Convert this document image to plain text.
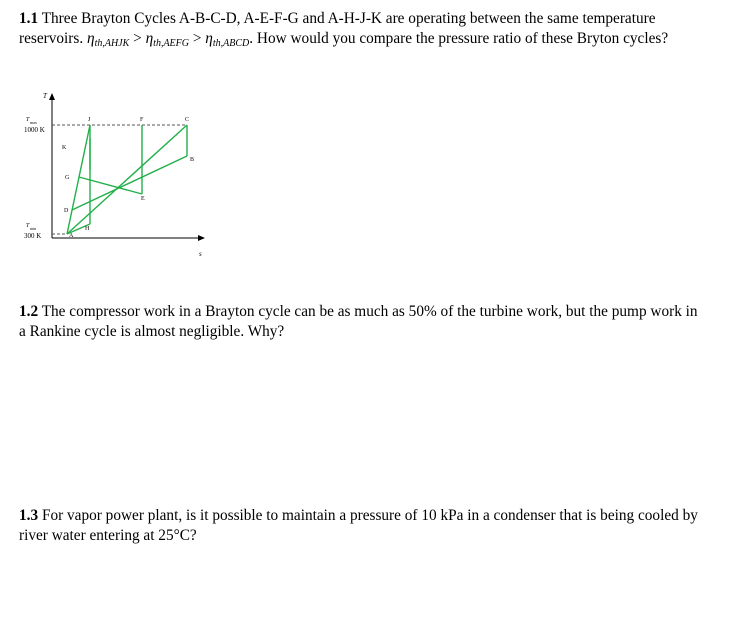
1.1 Three Brayton Cycles A-B-C-D, A-E-F-G and A-H-J-K are operating between the same temperature reservoirs. $\eta_{th,AHJK} > \eta_{th,AEFG} > \eta_{th,ABCD}$. How would you compare the pressure ratio of these Bryton cycles?
T
s
T max
1000 K
T min
300 K	A
B
C
D
E
F
G
H
J
K
1.2 The compressor work in a Brayton cycle can be as much as 50% of the turbine work, but the pump work in a Rankine cycle is almost negligible. Why?
1.3 For vapor power plant, is it possible to maintain a pressure of 10 kPa in a condenser that is being cooled by river water entering at 25°C?
